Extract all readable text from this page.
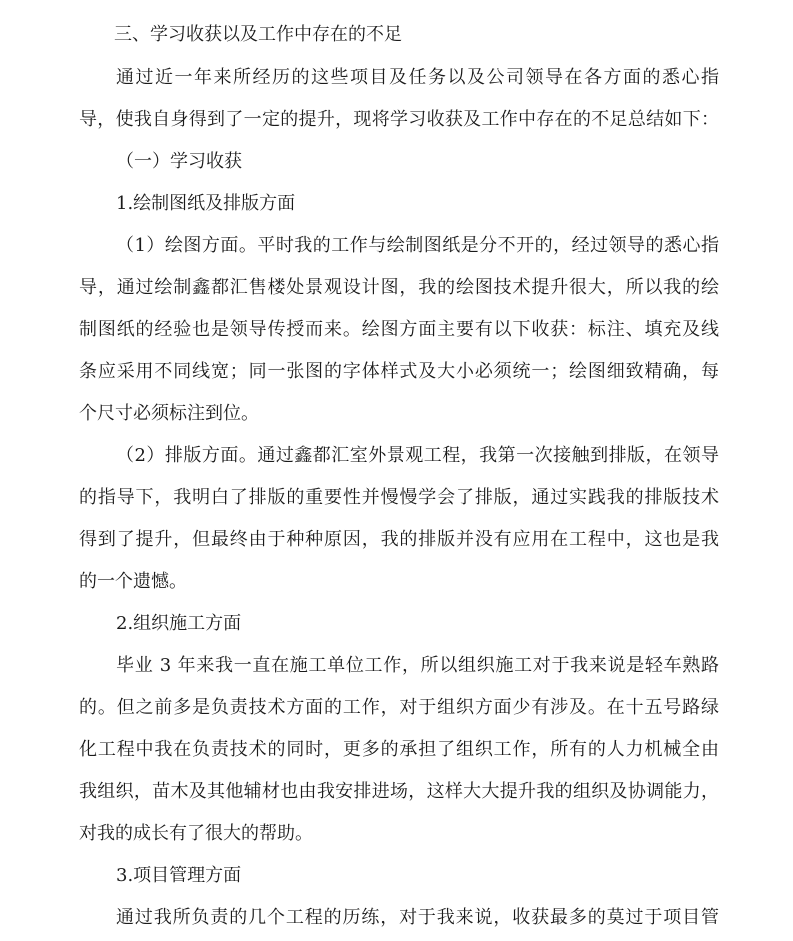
三、学习收获以及工作中存在的不足
通过近一年来所经历的这些项目及任务以及公司领导在各方面的悉心指
导，使我自身得到了一定的提升，现将学习收获及工作中存在的不足总结如下：
（一）学习收获
1.绘制图纸及排版方面
（1）绘图方面。平时我的工作与绘制图纸是分不开的，经过领导的悉心指
导，通过绘制鑫都汇售楼处景观设计图，我的绘图技术提升很大，所以我的绘
制图纸的经验也是领导传授而来。绘图方面主要有以下收获：标注、填充及线
条应采用不同线宽；同一张图的字体样式及大小必须统一；绘图细致精确，每
个尺寸必须标注到位。
（2）排版方面。通过鑫都汇室外景观工程，我第一次接触到排版，在领导
的指导下，我明白了排版的重要性并慢慢学会了排版，通过实践我的排版技术
得到了提升，但最终由于种种原因，我的排版并没有应用在工程中，这也是我
的一个遗憾。
2.组织施工方面
毕业 3 年来我一直在施工单位工作，所以组织施工对于我来说是轻车熟路
的。但之前多是负责技术方面的工作，对于组织方面少有涉及。在十五号路绿
化工程中我在负责技术的同时，更多的承担了组织工作，所有的人力机械全由
我组织，苗木及其他辅材也由我安排进场，这样大大提升我的组织及协调能力，
对我的成长有了很大的帮助。
3.项目管理方面
通过我所负责的几个工程的历练，对于我来说，收获最多的莫过于项目管
